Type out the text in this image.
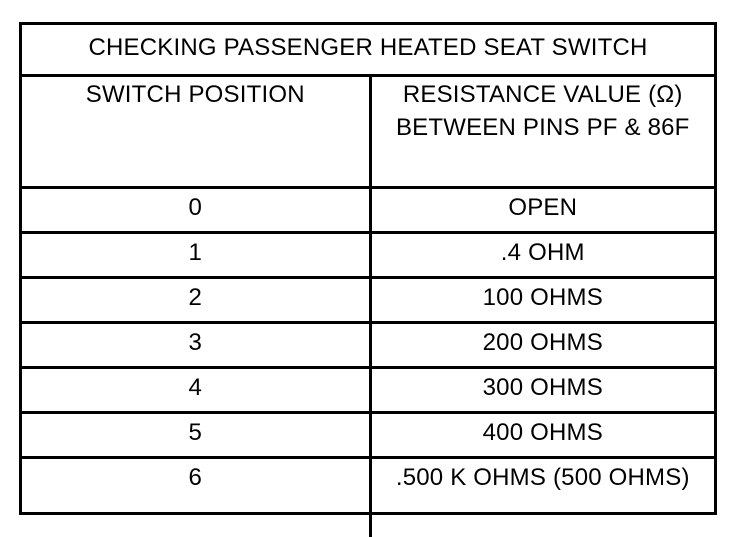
CHECKING PASSENGER HEATED SEAT SWITCH	
SWITCH POSITION	RESISTANCE VALUE (Ω) BETWEEN PINS PF & 86F
0	OPEN
1	.4 OHM
2	100 OHMS
3	200 OHMS
4	300 OHMS
5	400 OHMS
6	.500 K OHMS (500 OHMS)
